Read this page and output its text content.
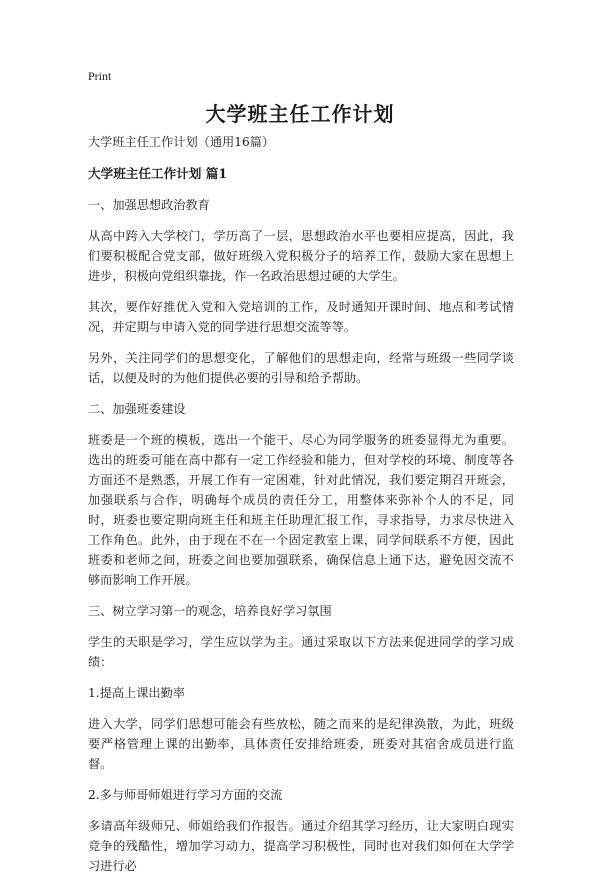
Print
大学班主任工作计划

大学班主任工作计划（通用16篇）

大学班主任工作计划 篇1

一、加强思想政治教育

从高中跨入大学校门，学历高了一层，思想政治水平也要相应提高，因此，我们要积极配合党支部，做好班级入党积极分子的培养工作，鼓励大家在思想上进步，积极向党组织靠拢，作一名政治思想过硬的大学生。

其次，要作好推优入党和入党培训的工作，及时通知开课时间、地点和考试情况，并定期与申请入党的同学进行思想交流等等。

另外，关注同学们的思想变化，了解他们的思想走向，经常与班级一些同学谈话，以便及时的为他们提供必要的引导和给予帮助。

二、加强班委建设

班委是一个班的模板，选出一个能干、尽心为同学服务的班委显得尤为重要。选出的班委可能在高中都有一定工作经验和能力，但对学校的环境、制度等各方面还不是熟悉，开展工作有一定困难，针对此情况，我们要定期召开班会，加强联系与合作，明确每个成员的责任分工，用整体来弥补个人的不足，同时，班委也要定期向班主任和班主任助理汇报工作，寻求指导，力求尽快进入工作角色。此外，由于现在不在一个固定教室上课，同学间联系不方便，因此班委和老师之间，班委之间也要加强联系，确保信息上通下达，避免因交流不够而影响工作开展。

三、树立学习第一的观念，培养良好学习氛围

学生的天职是学习，学生应以学为主。通过采取以下方法来促进同学的学习成绩：

1.提高上课出勤率

进入大学，同学们思想可能会有些放松，随之而来的是纪律涣散，为此，班级要严格管理上课的出勤率，具体责任安排给班委，班委对其宿舍成员进行监督。

2.多与师哥师姐进行学习方面的交流

多请高年级师兄、师姐给我们作报告。通过介绍其学习经历，让大家明白现实竞争的残酷性，增加学习动力，提高学习积极性，同时也对我们如何在大学学习进行必
